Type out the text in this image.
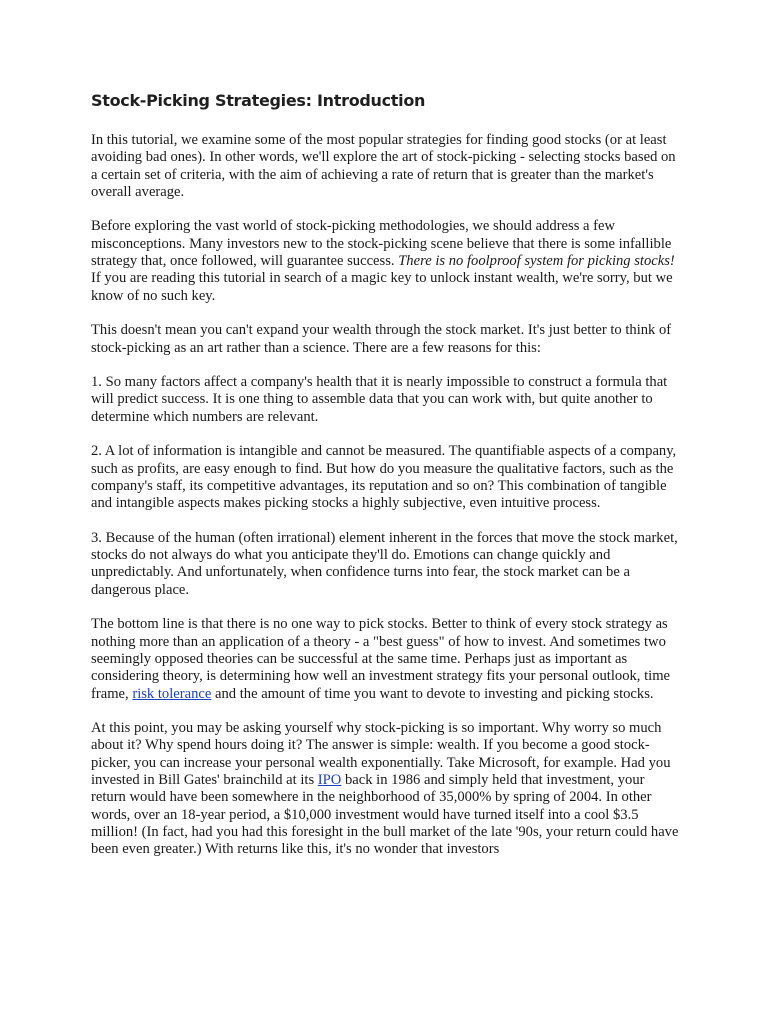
Stock-Picking Strategies: Introduction

In this tutorial, we examine some of the most popular strategies for finding good stocks (or at least avoiding bad ones). In other words, we'll explore the art of stock-picking - selecting stocks based on a certain set of criteria, with the aim of achieving a rate of return that is greater than the market's overall average.

Before exploring the vast world of stock-picking methodologies, we should address a few misconceptions. Many investors new to the stock-picking scene believe that there is some infallible strategy that, once followed, will guarantee success. There is no foolproof system for picking stocks! If you are reading this tutorial in search of a magic key to unlock instant wealth, we're sorry, but we know of no such key.

This doesn't mean you can't expand your wealth through the stock market. It's just better to think of stock-picking as an art rather than a science. There are a few reasons for this:

1. So many factors affect a company's health that it is nearly impossible to construct a formula that will predict success. It is one thing to assemble data that you can work with, but quite another to determine which numbers are relevant.

2. A lot of information is intangible and cannot be measured. The quantifiable aspects of a company, such as profits, are easy enough to find. But how do you measure the qualitative factors, such as the company's staff, its competitive advantages, its reputation and so on? This combination of tangible and intangible aspects makes picking stocks a highly subjective, even intuitive process.

3. Because of the human (often irrational) element inherent in the forces that move the stock market, stocks do not always do what you anticipate they'll do. Emotions can change quickly and unpredictably. And unfortunately, when confidence turns into fear, the stock market can be a dangerous place.

The bottom line is that there is no one way to pick stocks. Better to think of every stock strategy as nothing more than an application of a theory - a "best guess" of how to invest. And sometimes two seemingly opposed theories can be successful at the same time. Perhaps just as important as considering theory, is determining how well an investment strategy fits your personal outlook, time frame, risk tolerance and the amount of time you want to devote to investing and picking stocks.

At this point, you may be asking yourself why stock-picking is so important. Why worry so much about it? Why spend hours doing it? The answer is simple: wealth. If you become a good stock-picker, you can increase your personal wealth exponentially. Take Microsoft, for example. Had you invested in Bill Gates' brainchild at its IPO back in 1986 and simply held that investment, your return would have been somewhere in the neighborhood of 35,000% by spring of 2004. In other words, over an 18-year period, a $10,000 investment would have turned itself into a cool $3.5 million! (In fact, had you had this foresight in the bull market of the late '90s, your return could have been even greater.) With returns like this, it's no wonder that investors
